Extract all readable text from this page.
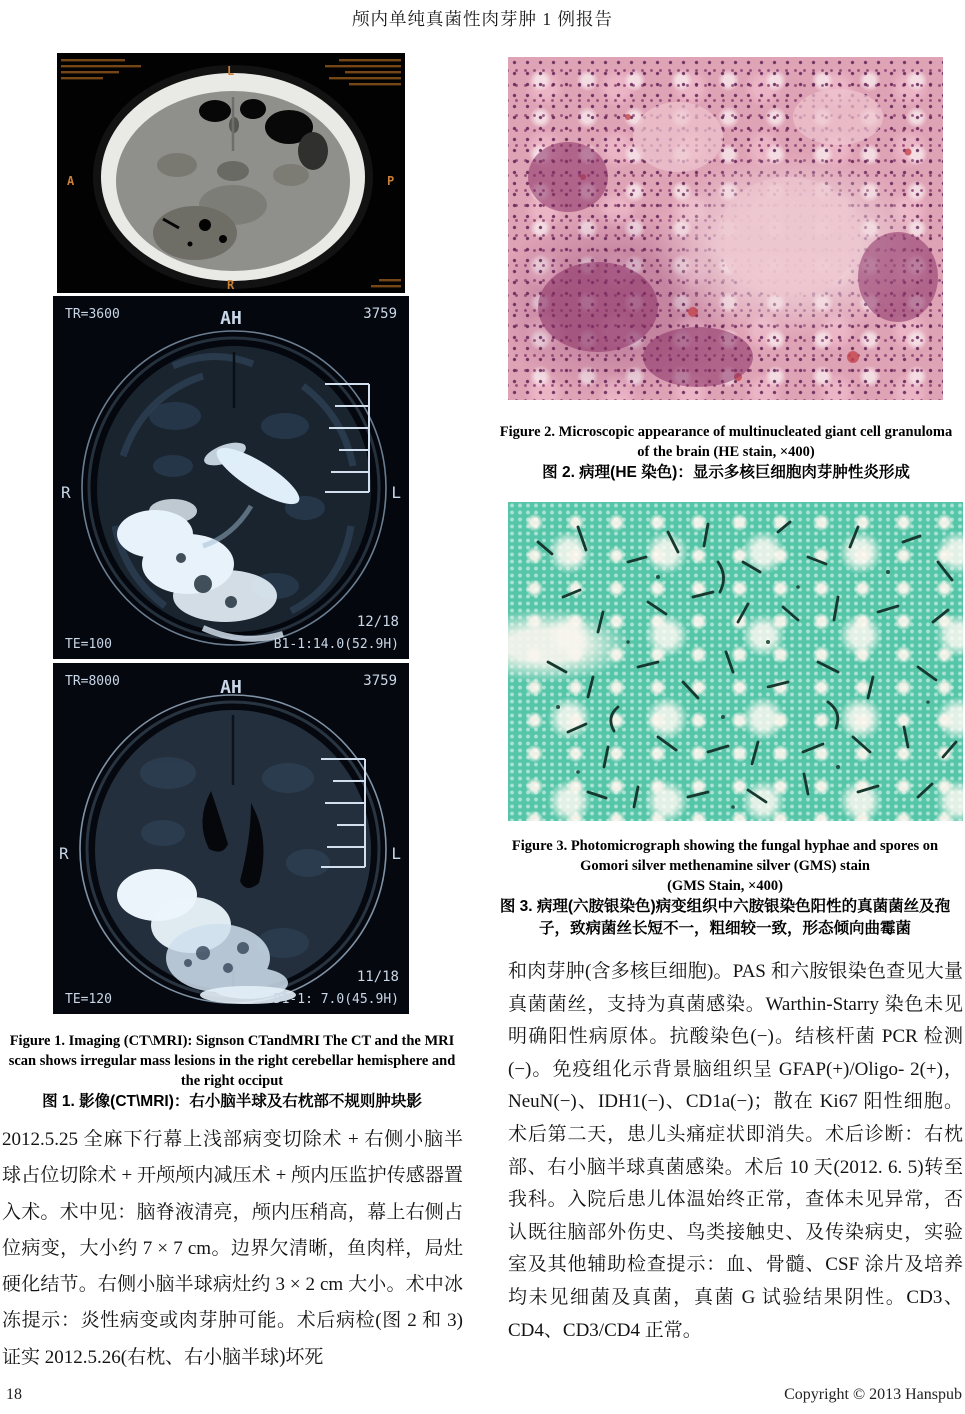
颅内单纯真菌性肉芽肿 1 例报告
L
A	P
R
TR=3600	AH	3759
R	L
TE=100
12/18
B1-1:14.0(52.9H)
TR=8000	AH	3759
R	L
TE=120
11/18
D1-1: 7.0(45.9H)
Figure 1. Imaging (CT\MRI): Signson CTandMRI The CT and the MRI scan shows irregular mass lesions in the right cerebellar hemisphere and the right occiput
图 1. 影像(CT\MRI)：右小脑半球及右枕部不规则肿块影
2012.5.25 全麻下行幕上浅部病变切除术 + 右侧小脑半球占位切除术 + 开颅颅内减压术 + 颅内压监护传感器置入术。术中见：脑脊液清亮，颅内压稍高，幕上右侧占位病变，大小约 7 × 7 cm。边界欠清晰，鱼肉样，局灶硬化结节。右侧小脑半球病灶约 3 × 2 cm 大小。术中冰冻提示：炎性病变或肉芽肿可能。术后病检(图 2 和 3)证实 2012.5.26(右枕、右小脑半球)坏死
Figure 2. Microscopic appearance of multinucleated giant cell granuloma of the brain (HE stain, ×400)
图 2. 病理(HE 染色)：显示多核巨细胞肉芽肿性炎形成
Figure 3. Photomicrograph showing the fungal hyphae and spores on Gomori silver methenamine silver (GMS) stain
(GMS Stain, ×400)
图 3. 病理(六胺银染色)病变组织中六胺银染色阳性的真菌菌丝及孢子，致病菌丝长短不一，粗细较一致，形态倾向曲霉菌
和肉芽肿(含多核巨细胞)。PAS 和六胺银染色查见大量真菌菌丝，支持为真菌感染。Warthin-Starry 染色未见明确阳性病原体。抗酸染色(−)。结核杆菌 PCR 检测(−)。免疫组化示背景脑组织呈 GFAP(+)/Oligo- 2(+)，NeuN(−)、IDH1(−)、CD1a(−)；散在 Ki67 阳性细胞。术后第二天，患儿头痛症状即消失。术后诊断：右枕部、右小脑半球真菌感染。术后 10 天(2012. 6. 5)转至我科。入院后患儿体温始终正常，查体未见异常，否认既往脑部外伤史、鸟类接触史、及传染病史，实验室及其他辅助检查提示：血、骨髓、CSF 涂片及培养均未见细菌及真菌，真菌 G 试验结果阴性。CD3、CD4、CD3/CD4 正常。
18	Copyright © 2013 Hanspub
